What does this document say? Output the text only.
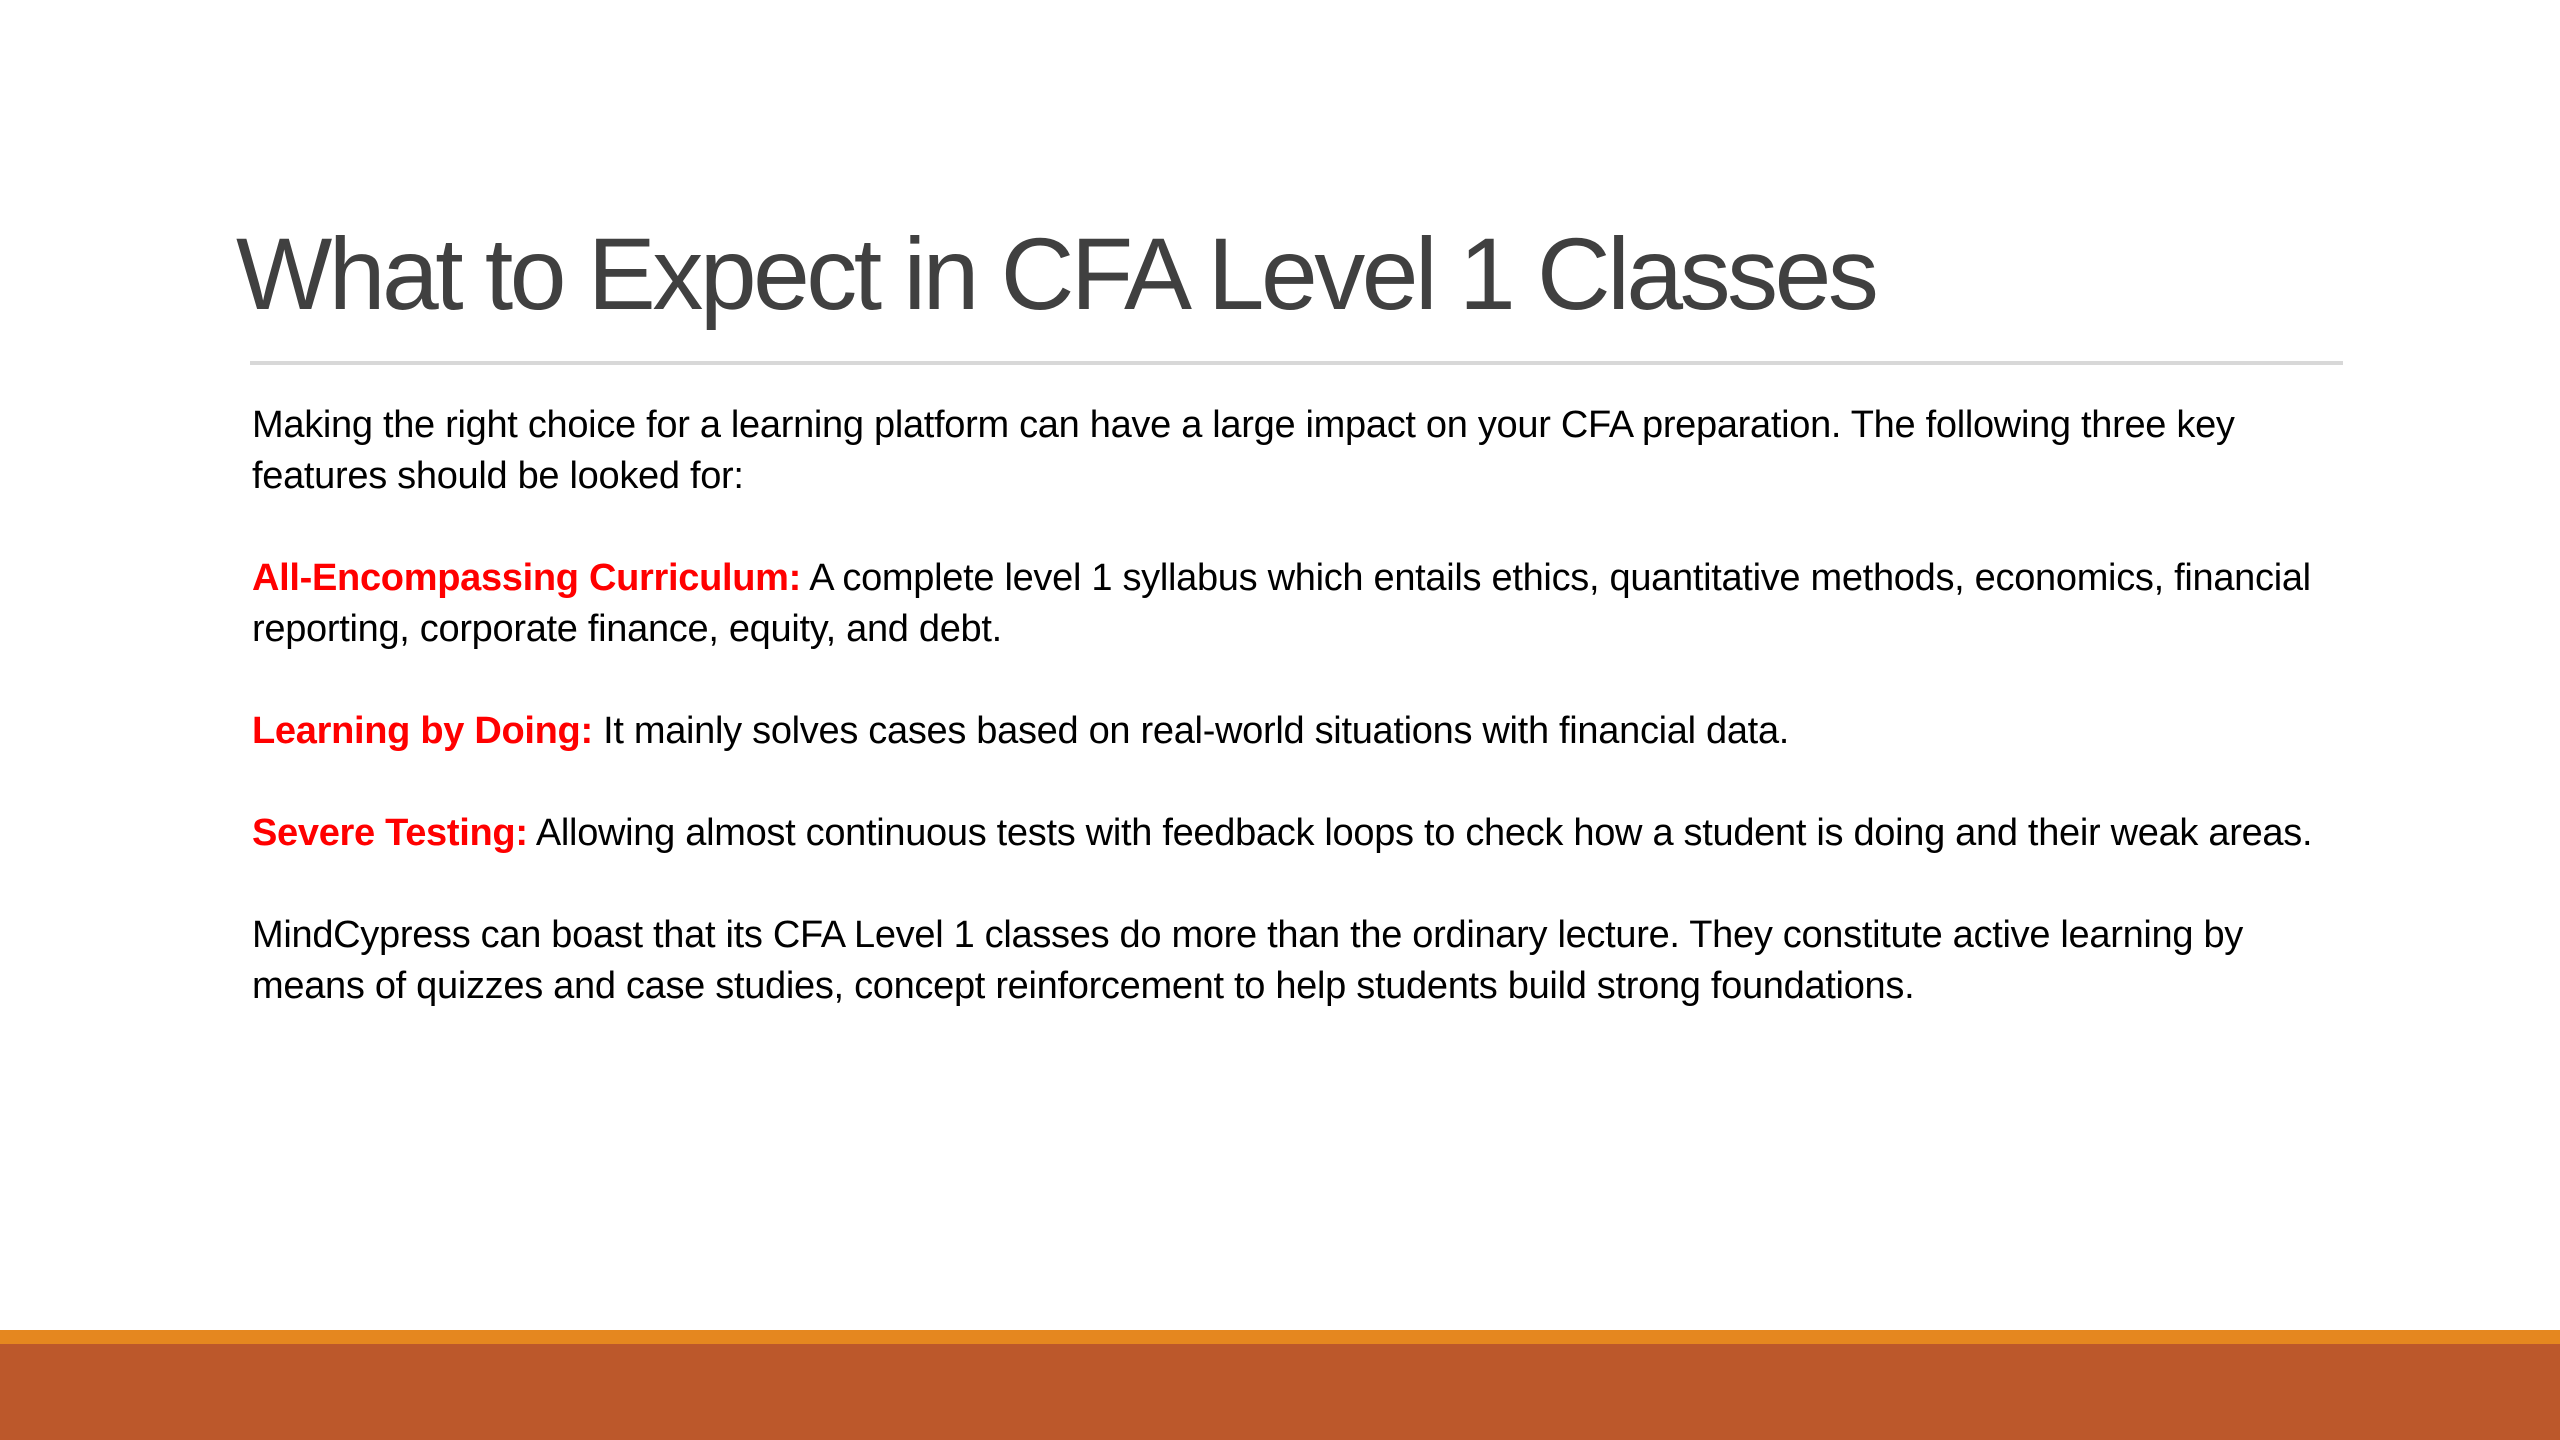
What to Expect in CFA Level 1 Classes

Making the right choice for a learning platform can have a large impact on your CFA preparation. The following three key features should be looked for:

All-Encompassing Curriculum: A complete level 1 syllabus which entails ethics, quantitative methods, economics, financial reporting, corporate finance, equity, and debt.

Learning by Doing: It mainly solves cases based on real-world situations with financial data.

Severe Testing: Allowing almost continuous tests with feedback loops to check how a student is doing and their weak areas.

MindCypress can boast that its CFA Level 1 classes do more than the ordinary lecture. They constitute active learning by means of quizzes and case studies, concept reinforcement to help students build strong foundations.
